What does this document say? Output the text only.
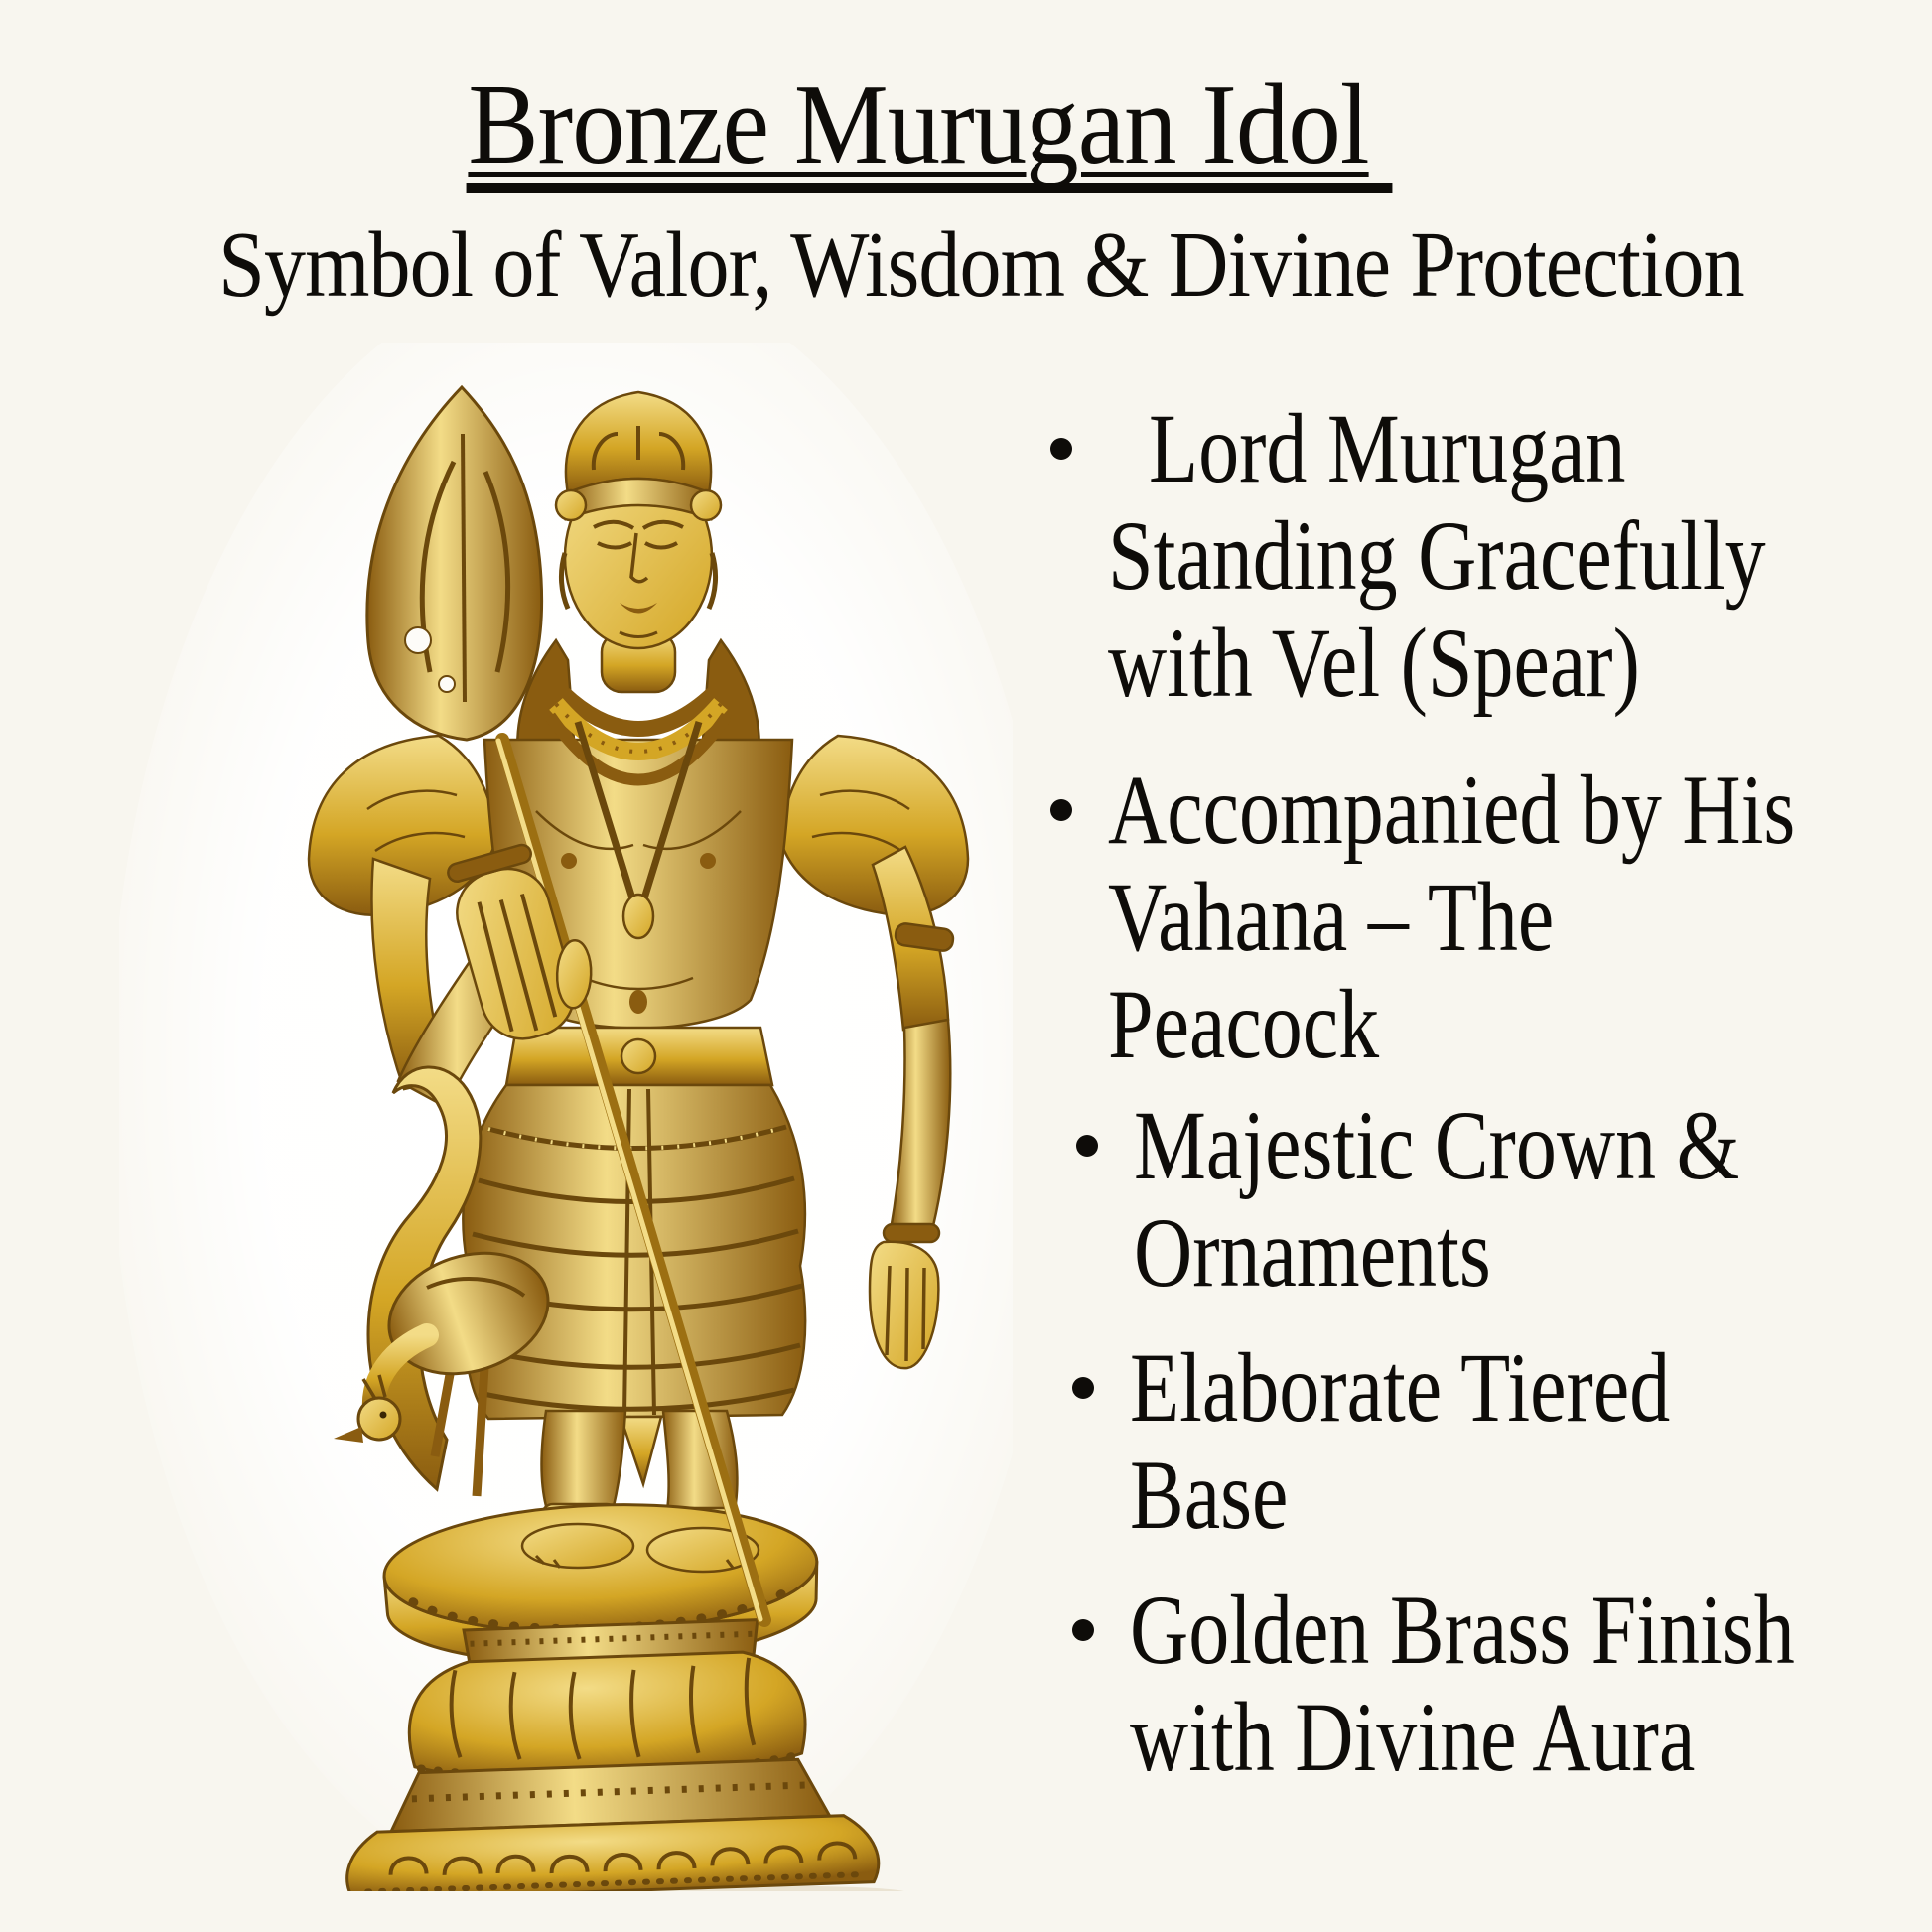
Bronze Murugan Idol
Symbol of Valor, Wisdom & Divine Protection
Lord Murugan
Standing Gracefully
with Vel (Spear)
Accompanied by His
Vahana – The
Peacock
Majestic Crown &
Ornaments
Elaborate Tiered
Base
Golden Brass Finish
with Divine Aura
